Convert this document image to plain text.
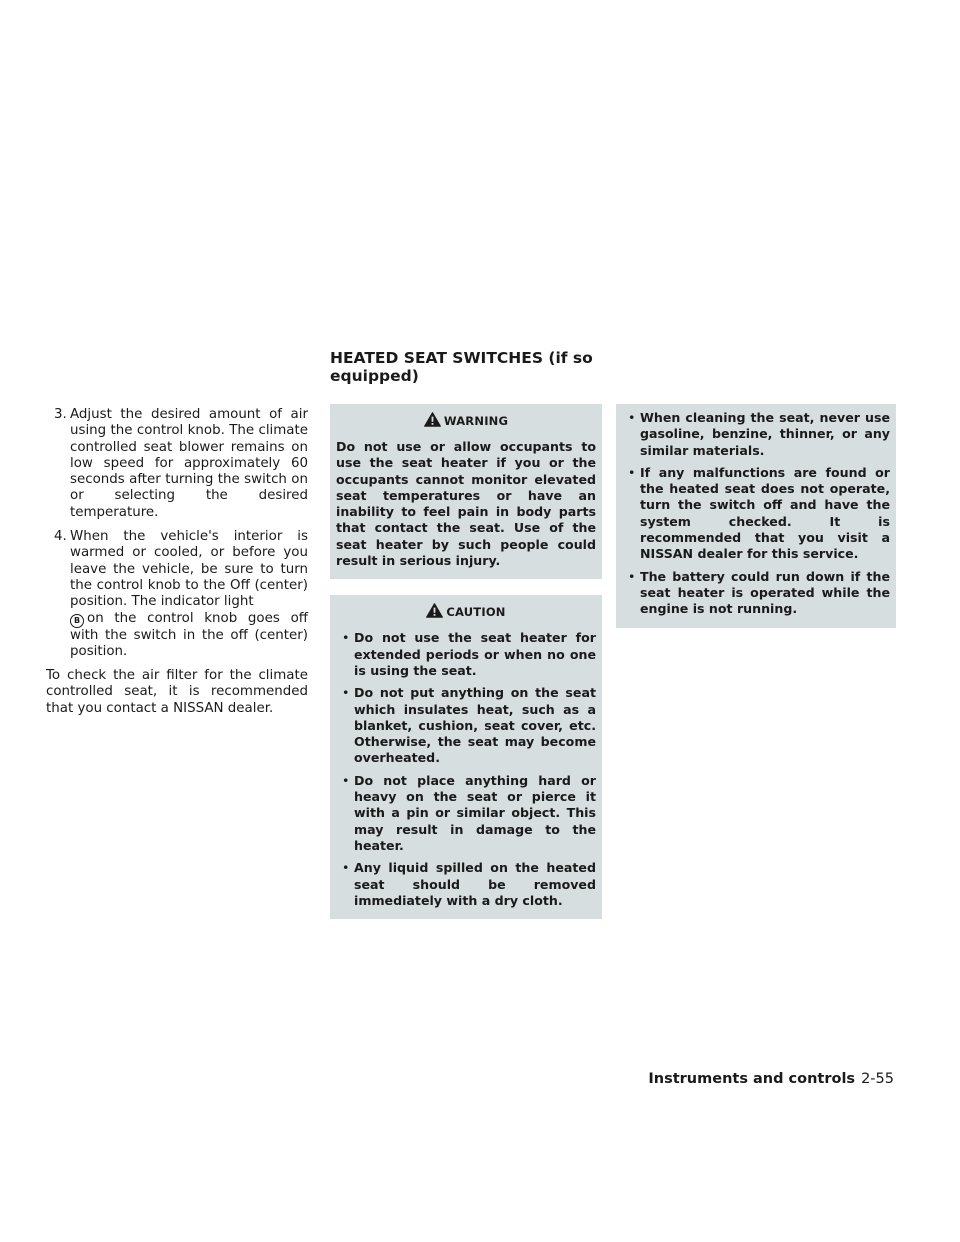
HEATED SEAT SWITCHES (if so equipped)

3. Adjust the desired amount of air using the control knob. The climate controlled seat blower remains on low speed for approximately 60 seconds after turning the switch on or selecting the desired temperature.

4. When the vehicle's interior is warmed or cooled, or before you leave the vehicle, be sure to turn the control knob to the Off (center) position. The indicator light
B on the control knob goes off with the switch in the off (center) position.

To check the air filter for the climate controlled seat, it is recommended that you contact a NISSAN dealer.

WARNING
Do not use or allow occupants to use the seat heater if you or the occupants cannot monitor elevated seat temperatures or have an inability to feel pain in body parts that contact the seat. Use of the seat heater by such people could result in serious injury.
CAUTION
• Do not use the seat heater for extended periods or when no one is using the seat.
• Do not put anything on the seat which insulates heat, such as a blanket, cushion, seat cover, etc. Otherwise, the seat may become overheated.
• Do not place anything hard or heavy on the seat or pierce it with a pin or similar object. This may result in damage to the heater.
• Any liquid spilled on the heated seat should be removed immediately with a dry cloth.
• When cleaning the seat, never use gasoline, benzine, thinner, or any similar materials.
• If any malfunctions are found or the heated seat does not operate, turn the switch off and have the system checked. It is recommended that you visit a NISSAN dealer for this service.
• The battery could run down if the seat heater is operated while the engine is not running.
Instruments and controls 2-55
